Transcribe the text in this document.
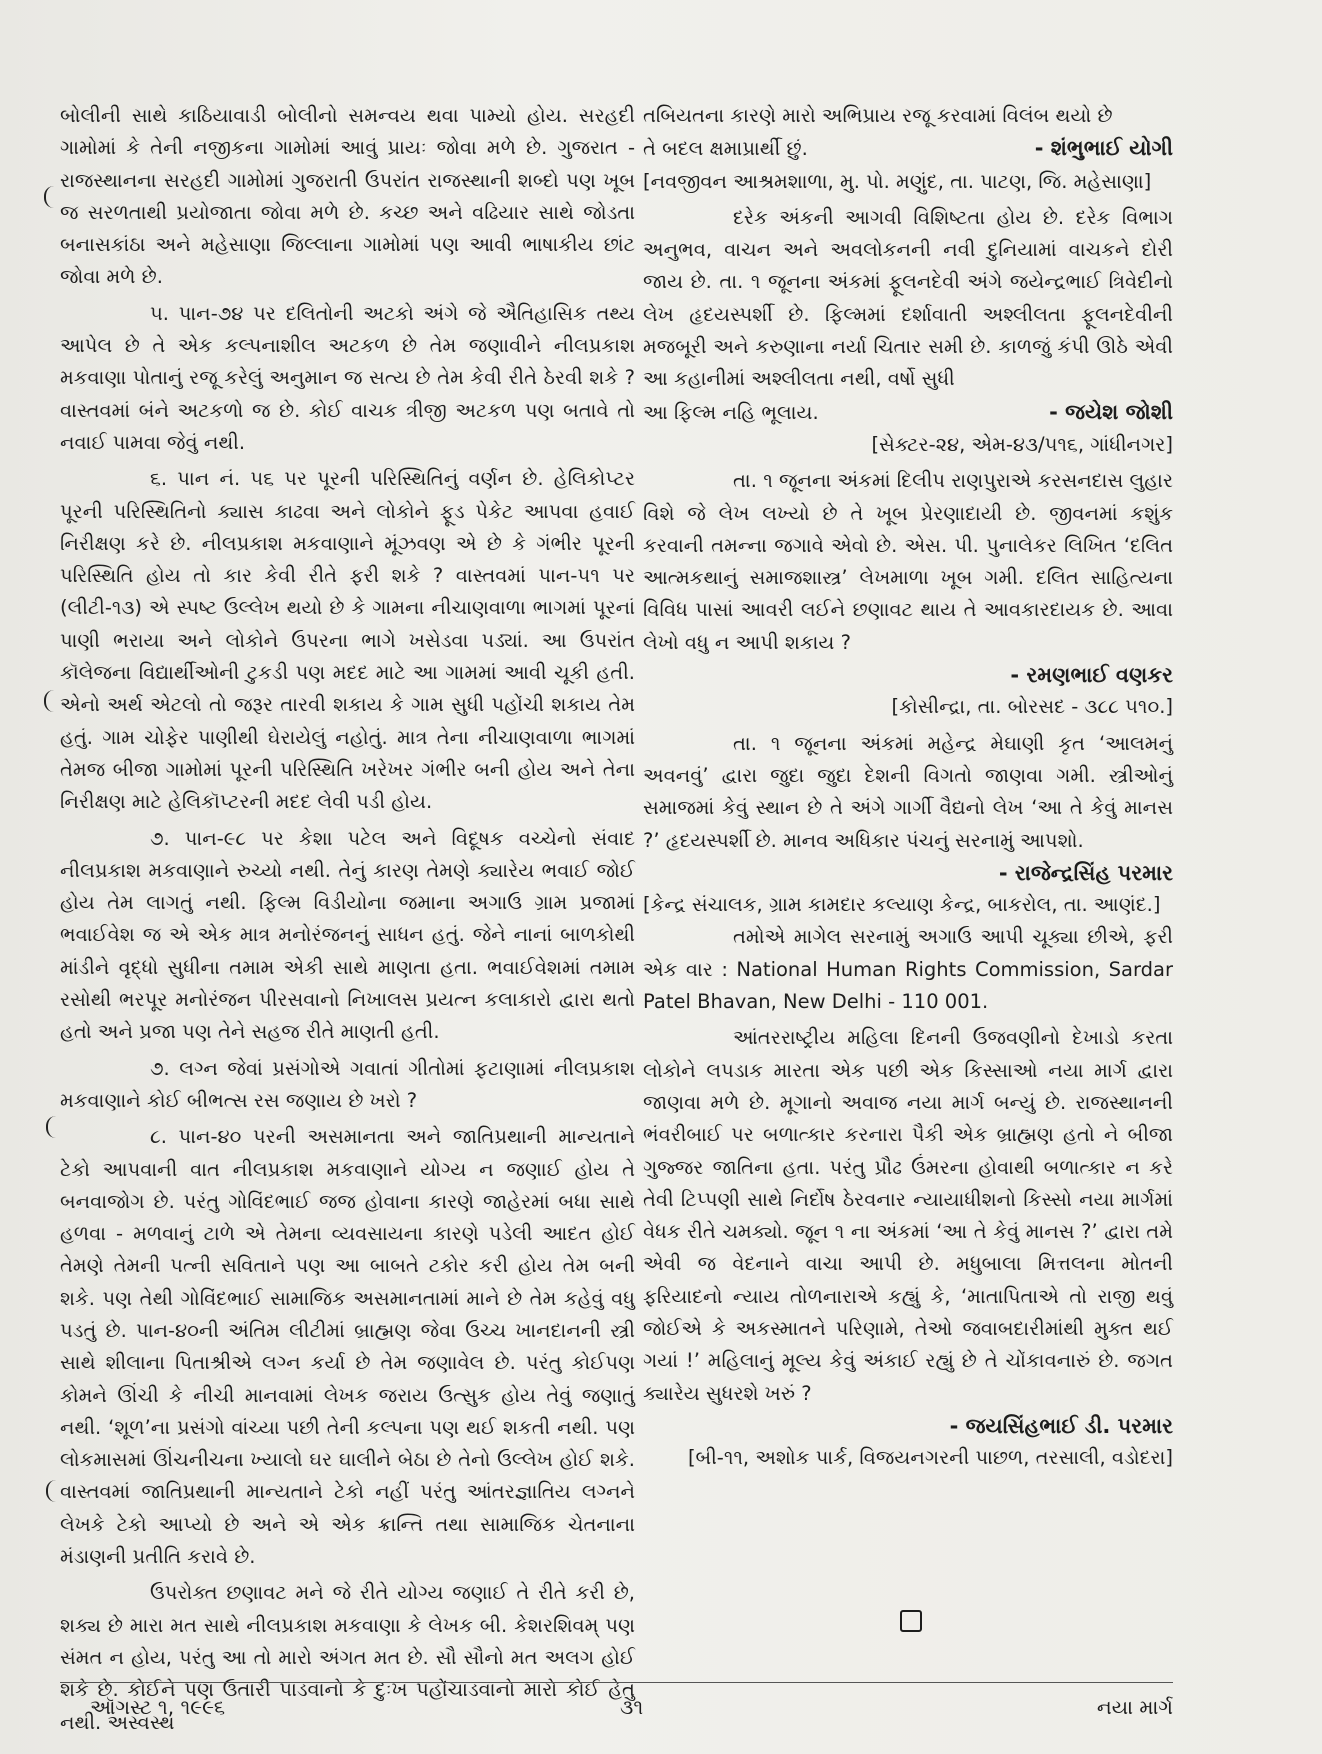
બોલીની સાથે કાઠિયાવાડી બોલીનો સમન્વય થવા પામ્યો હોય. સરહદી ગામોમાં કે તેની નજીકના ગામોમાં આવું પ્રાયઃ જોવા મળે છે. ગુજરાત - રાજસ્થાનના સરહદી ગામોમાં ગુજરાતી ઉપરાંત રાજસ્થાની શબ્દો પણ ખૂબ જ સરળતાથી પ્રયોજાતા જોવા મળે છે. કચ્છ અને વઢિયાર સાથે જોડતા બનાસકાંઠા અને મહેસાણા જિલ્લાના ગામોમાં પણ આવી ભાષાકીય છાંટ જોવા મળે છે.

૫. પાન-૭૪ પર દલિતોની અટકો અંગે જે ઐતિહાસિક તથ્ય આપેલ છે તે એક કલ્પનાશીલ અટકળ છે તેમ જણાવીને નીલપ્રકાશ મકવાણા પોતાનું રજૂ કરેલું અનુમાન જ સત્ય છે તેમ કેવી રીતે ઠેરવી શકે ? વાસ્તવમાં બંને અટકળો જ છે. કોઈ વાચક ત્રીજી અટકળ પણ બતાવે તો નવાઈ પામવા જેવું નથી.

૬. પાન નં. ૫૬ પર પૂરની પરિસ્થિતિનું વર્ણન છે. હેલિકોપ્ટર પૂરની પરિસ્થિતિનો ક્યાસ કાઢવા અને લોકોને ફૂડ પેકેટ આપવા હવાઈ નિરીક્ષણ કરે છે. નીલપ્રકાશ મકવાણાને મૂંઝવણ એ છે કે ગંભીર પૂરની પરિસ્થિતિ હોય તો કાર કેવી રીતે ફરી શકે ? વાસ્તવમાં પાન-૫૧ પર (લીટી-૧૩) એ સ્પષ્ટ ઉલ્લેખ થયો છે કે ગામના નીચાણવાળા ભાગમાં પૂરનાં પાણી ભરાયા અને લોકોને ઉપરના ભાગે ખસેડવા પડ્યાં. આ ઉપરાંત કૉલેજના વિદ્યાર્થીઓની ટુકડી પણ મદદ માટે આ ગામમાં આવી ચૂકી હતી. એનો અર્થ એટલો તો જરૂર તારવી શકાય કે ગામ સુધી પહોંચી શકાય તેમ હતું. ગામ ચોફેર પાણીથી ઘેરાયેલું નહોતું. માત્ર તેના નીચાણવાળા ભાગમાં તેમજ બીજા ગામોમાં પૂરની પરિસ્થિતિ ખરેખર ગંભીર બની હોય અને તેના નિરીક્ષણ માટે હેલિકૉપ્ટરની મદદ લેવી પડી હોય.

૭. પાન-૯૮ પર કેશા પટેલ અને વિદૂષક વચ્ચેનો સંવાદ નીલપ્રકાશ મકવાણાને રુચ્યો નથી. તેનું કારણ તેમણે ક્યારેય ભવાઈ જોઈ હોય તેમ લાગતું નથી. ફિલ્મ વિડીયોના જમાના અગાઉ ગ્રામ પ્રજામાં ભવાઈવેશ જ એ એક માત્ર મનોરંજનનું સાધન હતું. જેને નાનાં બાળકોથી માંડીને વૃદ્ધો સુધીના તમામ એકી સાથે માણતા હતા. ભવાઈવેશમાં તમામ રસોથી ભરપૂર મનોરંજન પીરસવાનો નિખાલસ પ્રયત્ન કલાકારો દ્વારા થતો હતો અને પ્રજા પણ તેને સહજ રીતે માણતી હતી.

૭. લગ્ન જેવાં પ્રસંગોએ ગવાતાં ગીતોમાં ફટાણામાં નીલપ્રકાશ મકવાણાને કોઈ બીભત્સ રસ જણાય છે ખરો ?

૮. પાન-૪૦ પરની અસમાનતા અને જાતિપ્રથાની માન્યતાને ટેકો આપવાની વાત નીલપ્રકાશ મકવાણાને યોગ્ય ન જણાઈ હોય તે બનવાજોગ છે. પરંતુ ગોવિંદભાઈ જજ હોવાના કારણે જાહેરમાં બધા સાથે હળવા - મળવાનું ટાળે એ તેમના વ્યવસાયના કારણે પડેલી આદત હોઈ તેમણે તેમની પત્ની સવિતાને પણ આ બાબતે ટકોર કરી હોય તેમ બની શકે. પણ તેથી ગોવિંદભાઈ સામાજિક અસમાનતામાં માને છે તેમ કહેવું વધુ પડતું છે. પાન-૪૦ની અંતિમ લીટીમાં બ્રાહ્મણ જેવા ઉચ્ચ ખાનદાનની સ્ત્રી સાથે શીલાના પિતાશ્રીએ લગ્ન કર્યા છે તેમ જણાવેલ છે. પરંતુ કોઈપણ કોમને ઊંચી કે નીચી માનવામાં લેખક જરાય ઉત્સુક હોય તેવું જણાતું નથી. ‘શૂળ’ના પ્રસંગો વાંચ્યા પછી તેની કલ્પના પણ થઈ શકતી નથી. પણ લોકમાસમાં ઊંચનીચના ખ્યાલો ઘર ઘાલીને બેઠા છે તેનો ઉલ્લેખ હોઈ શકે. વાસ્તવમાં જાતિપ્રથાની માન્યતાને ટેકો નહીં પરંતુ આંતરજ્ઞાતિય લગ્નને લેખકે ટેકો આપ્યો છે અને એ એક ક્રાન્તિ તથા સામાજિક ચેતનાના મંડાણની પ્રતીતિ કરાવે છે.

ઉપરોક્ત છણાવટ મને જે રીતે યોગ્ય જણાઈ તે રીતે કરી છે, શક્ય છે મારા મત સાથે નીલપ્રકાશ મકવાણા કે લેખક બી. કેશરશિવમ્ પણ સંમત ન હોય, પરંતુ આ તો મારો અંગત મત છે. સૌ સૌનો મત અલગ હોઈ શકે છે. કોઈને પણ ઉતારી પાડવાનો કે દુઃખ પહોંચાડવાનો મારો કોઈ હેતુ નથી. અસ્વસ્થ

તબિયતના કારણે મારો અભિપ્રાય રજૂ કરવામાં વિલંબ થયો છે

તે બદલ ક્ષમાપ્રાર્થી છું.	- શંભુભાઈ યોગી

[નવજીવન આશ્રમશાળા, મુ. પો. મણુંદ, તા. પાટણ, જિ. મહેસાણા]

દરેક અંકની આગવી વિશિષ્ટતા હોય છે. દરેક વિભાગ અનુભવ, વાચન અને અવલોકનની નવી દુનિયામાં વાચકને દોરી જાય છે. તા. ૧ જૂનના અંકમાં ફૂલનદેવી અંગે જયેન્દ્રભાઈ ત્રિવેદીનો લેખ હૃદયસ્પર્શી છે. ફિલ્મમાં દર્શાવાતી અશ્લીલતા ફૂલનદેવીની મજબૂરી અને કરુણાના નર્યા ચિતાર સમી છે. કાળજું કંપી ઊઠે એવી આ કહાનીમાં અશ્લીલતા નથી, વર્ષો સુધી

આ ફિલ્મ નહિ ભૂલાય.	- જયેશ જોશી

[સેક્ટર-૨૪, એમ-૪૩/૫૧૬, ગાંધીનગર]

તા. ૧ જૂનના અંકમાં દિલીપ રાણપુરાએ કરસનદાસ લુહાર વિશે જે લેખ લખ્યો છે તે ખૂબ પ્રેરણાદાયી છે. જીવનમાં કશુંક કરવાની તમન્ના જગાવે એવો છે. એસ. પી. પુનાલેકર લિખિત ‘દલિત આત્મકથાનું સમાજશાસ્ત્ર’ લેખમાળા ખૂબ ગમી. દલિત સાહિત્યના વિવિધ પાસાં આવરી લઈને છણાવટ થાય તે આવકારદાયક છે. આવા લેખો વધુ ન આપી શકાય ?

- રમણભાઈ વણકર

[કોસીન્દ્રા, તા. બોરસદ - ૩૮૮ ૫૧૦.]

તા. ૧ જૂનના અંકમાં મહેન્દ્ર મેઘાણી કૃત ‘આલમનું અવનવું’ દ્વારા જુદા જુદા દેશની વિગતો જાણવા ગમી. સ્ત્રીઓનું સમાજમાં કેવું સ્થાન છે તે અંગે ગાર્ગી વૈદ્યનો લેખ ‘આ તે કેવું માનસ ?’ હૃદયસ્પર્શી છે. માનવ અધિકાર પંચનું સરનામું આપશો.

- રાજેન્દ્રસિંહ પરમાર

[કેન્દ્ર સંચાલક, ગ્રામ કામદાર કલ્યાણ કેન્દ્ર, બાકરોલ, તા. આણંદ.]

તમોએ માગેલ સરનામું અગાઉ આપી ચૂક્યા છીએ, ફરી એક વાર : National Human Rights Commission, Sardar Patel Bhavan, New Delhi - 110 001.

આંતરરાષ્ટ્રીય મહિલા દિનની ઉજવણીનો દેખાડો કરતા લોકોને લપડાક મારતા એક પછી એક કિસ્સાઓ નયા માર્ગ દ્વારા જાણવા મળે છે. મૂગાનો અવાજ નયા માર્ગ બન્યું છે. રાજસ્થાનની ભંવરીબાઈ પર બળાત્કાર કરનારા પૈકી એક બ્રાહ્મણ હતો ને બીજા ગુજ્જર જાતિના હતા. પરંતુ પ્રૌઢ ઉંમરના હોવાથી બળાત્કાર ન કરે તેવી ટિપ્પણી સાથે નિર્દોષ ઠેરવનાર ન્યાયાધીશનો કિસ્સો નયા માર્ગમાં વેધક રીતે ચમક્યો. જૂન ૧ ના અંકમાં ‘આ તે કેવું માનસ ?’ દ્વારા તમે એવી જ વેદનાને વાચા આપી છે. મધુબાલા મિત્તલના મોતની ફરિયાદનો ન્યાય તોળનારાએ કહ્યું કે, ‘માતાપિતાએ તો રાજી થવું જોઈએ કે અકસ્માતને પરિણામે, તેઓ જવાબદારીમાંથી મુક્ત થઈ ગયાં !’ મહિલાનું મૂલ્ય કેવું અંકાઈ રહ્યું છે તે ચોંકાવનારું છે. જગત ક્યારેય સુધરશે ખરું ?

- જયસિંહભાઈ ડી. પરમાર

[બી-૧૧, અશોક પાર્ક, વિજયનગરની પાછળ, તરસાલી, વડોદરા]

ઑગસ્ટ ૧, ૧૯૯૬	૩૧	નયા માર્ગ
